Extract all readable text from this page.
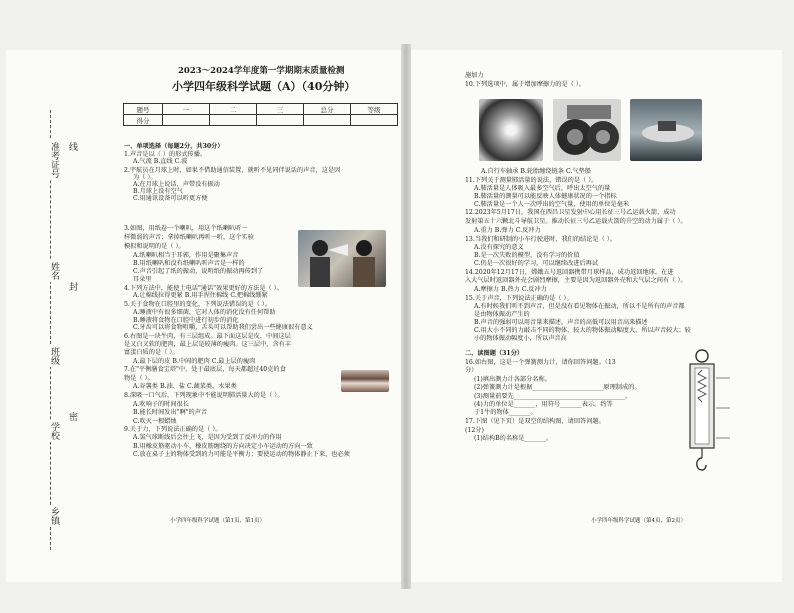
线
封
密
准考证号
姓名
班级
学校
乡镇
2023～2024学年度第一学期期末质量检测
小学四年级科学试题（A）（40分钟）
题号	一	二	三	总分	等级
得分					
一、单项选择（每题2分，共30分）
1.声音是以（ ）的形式传播。
A.气流 B.直线 C.波
2.宇航员在月球上时，如果不借助通信装置，就听不见同伴说话的声音，这是因
为（ ）。
A.在月球上说话，声带没有振动
B.月球上没有空气
C.用通讯设备可以听更方便
3.如图，用纸卷一个喇叭，用这个纸喇叭听一
样微弱的声音；拿掉纸喇叭再听一听，这个实验
模拟和说明的是（ ）。
A.纸喇叭相当于耳郭，作用是聚集声音
B.用纸喇叭和没有纸喇叭听声音是一样的
C.声音引起了纸的振动，说明纸的振动再传到了
耳朵里
4.下列方法中，能使土电话"通话"效果更好的方法是（ ）。
A.让棉线拉得更紧 B.用手捏住棉线 C.把棉线绷紧
5.关于食物在口腔里的变化，下列说法错误的是（ ）。
A.睡液中有很多细菌，它对人体的消化没有任何帮助
B.睡液将食物在口腔中进行初步的消化
C.牙齿可以将食物咀嚼，舌头可以帮助我们尝出一些健康很有意义
6.右图是一块牛肉，有三层组成。最下面这层是皮，中间这层
是又白又软的肥肉，最上层是较薄的瘦肉。这三层中，含有丰
富蛋白质的是（ ）。
A.最下层的皮 B.中间的肥肉 C.最上层的瘦肉
7.在"平衡膳食宝塔"中，处于最底层，每天都超过40克的食
物是（ ）。
A.谷薯类 B.油、盐 C.蔬菜类、水果类
8.深吸一口气后，下列现象中不能说明肺活量大的是（ ）。
A.吹响子的时间很长
B.能长时间发出"啊"的声音
C.吹灭一根蜡烛
9.关于力，下列说法正确的是（ ）。
A.氢气球断线后会往上飞，是因为受到了反冲力的作用
B.用橡皮筋驱动小车，橡皮筋缠绕的方向决定小车运动的方向一致
C.放在桌子上的物体受到的力可能是平衡力；要使运动的物体静止下来，也必须
小学四年级科学试题（第1页，第1页）
施加力
10.下列选项中，属于增加摩擦力的是（ ）。
A.自行车轴承 B.轮胎缠绕链条 C.气垫船
11.下列关于测量肺活量的说法，错误的是（ ）。
A.肺活量是人体吸入最多空气后，呼出太空气的量
B.肺活量的测量可以能反映人体健康状况的一个指标
C.肺活量是一个人一次呼出的空气量，使用的单位是毫米
12.2023年5月17日，我国在西昌卫星发射中心用长征三号乙运载火箭，成功
发射第五十六颗北斗导航卫星。推动长征三号乙运载火箭的升空的动力属于（ ）。
A.重力 B.弹力 C.反冲力
13.当我们和研制的小车行驶进时，我们的结论是（ ）。
A.没有探究的意义
B.是一次失败的模型，没有学习的价值
C.仍是一次很好的学习，可以继续改进后再试
14.2020年12月17日，嫦娥五号返回器携带月球样品，成功返回地球。在进
入大气层时返回器外壳会剧烈摩擦，主要是因为返回器外壳和大气层之间有（ ）。
A.摩擦力 B.热力 C.反冲力
15.关于声音，下列说法正确的是（ ）。
A.有时候我们听不到声音，但是没有看见物体在振动，所以不是所有的声音都
是由物体振动产生的
B.声音的强弱可以用音量来描述，声音的高低可以用音高来描述
C.用大小不同的力敲击不同的物体，较大的物体振动幅度大，所以声音较大；较
小的物体振动幅度小，所以声音高
二、读图题（31分）
16.如右图，这是一个弹簧测力计，请你回答问题。（13
分）
(1)填出测力计各部分名称。
(2)弹簧测力计是根据_______________________原理制成的。
(3)测量前要先____________________________________。
(4)力的单位是_______，用符号_______表示。约等
于1牛的物体_______。
17.下图（见下页）是双空的结构图，请回答问题。
(12分)
(1)结构B的名称是_______。
小学四年级科学试题（第4页，第2页）
